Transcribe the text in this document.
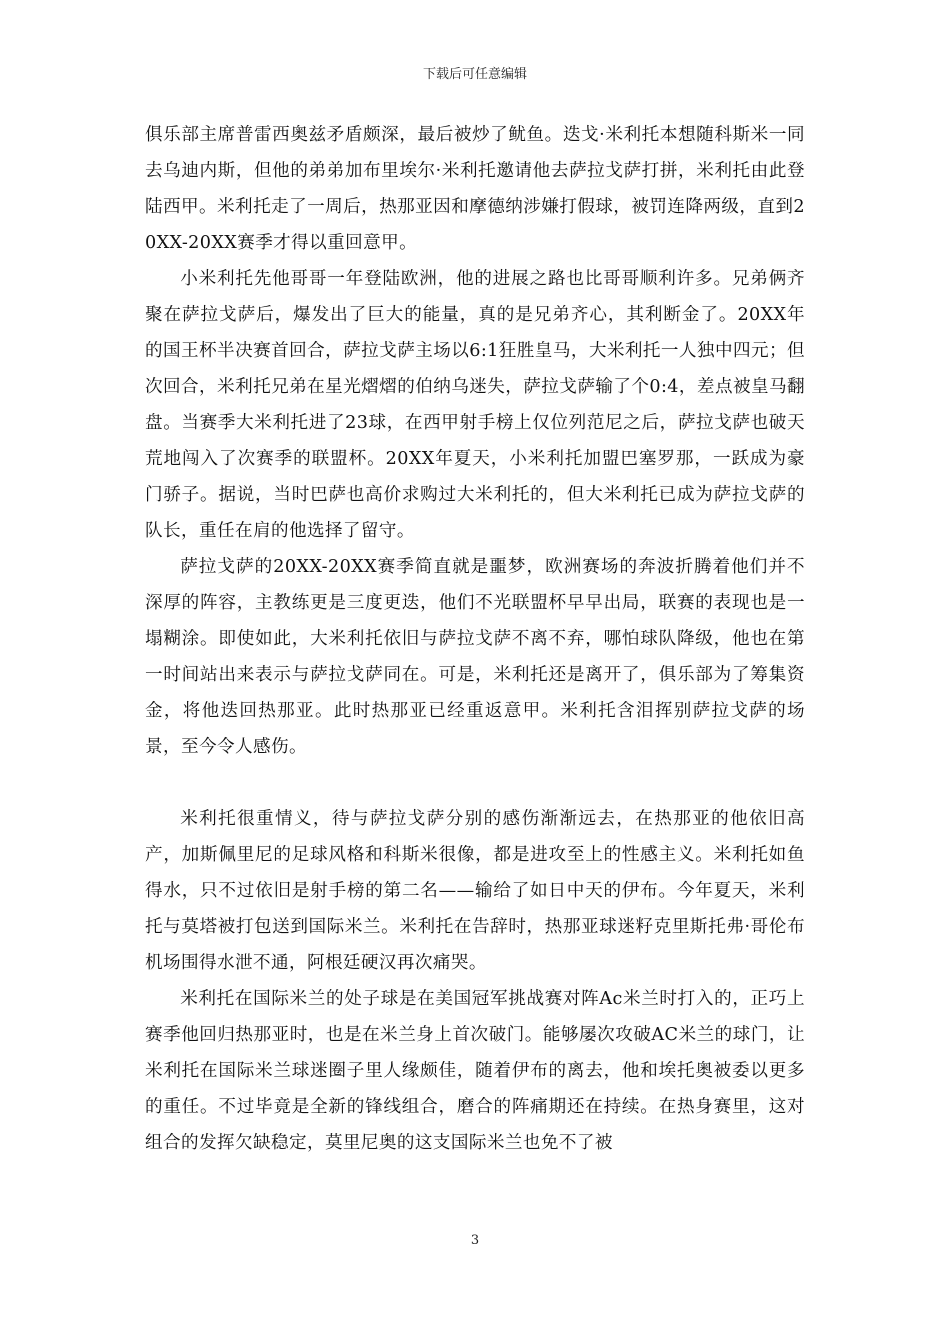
下载后可任意编辑

俱乐部主席普雷西奥兹矛盾颇深，最后被炒了鱿鱼。迭戈·米利托本想随科斯米一同去乌迪内斯，但他的弟弟加布里埃尔·米利托邀请他去萨拉戈萨打拼，米利托由此登陆西甲。米利托走了一周后，热那亚因和摩德纳涉嫌打假球，被罚连降两级，直到20XX-20XX赛季才得以重回意甲。

小米利托先他哥哥一年登陆欧洲，他的进展之路也比哥哥顺利许多。兄弟俩齐聚在萨拉戈萨后，爆发出了巨大的能量，真的是兄弟齐心，其利断金了。20XX年的国王杯半决赛首回合，萨拉戈萨主场以6:1狂胜皇马，大米利托一人独中四元；但次回合，米利托兄弟在星光熠熠的伯纳乌迷失，萨拉戈萨输了个0:4，差点被皇马翻盘。当赛季大米利托进了23球，在西甲射手榜上仅位列范尼之后，萨拉戈萨也破天荒地闯入了次赛季的联盟杯。20XX年夏天，小米利托加盟巴塞罗那，一跃成为豪门骄子。据说，当时巴萨也高价求购过大米利托的，但大米利托已成为萨拉戈萨的队长，重任在肩的他选择了留守。

萨拉戈萨的20XX-20XX赛季简直就是噩梦，欧洲赛场的奔波折腾着他们并不深厚的阵容，主教练更是三度更迭，他们不光联盟杯早早出局，联赛的表现也是一塌糊涂。即使如此，大米利托依旧与萨拉戈萨不离不弃，哪怕球队降级，他也在第一时间站出来表示与萨拉戈萨同在。可是，米利托还是离开了，俱乐部为了筹集资金，将他迭回热那亚。此时热那亚已经重返意甲。米利托含泪挥别萨拉戈萨的场景，至今令人感伤。

米利托很重情义，待与萨拉戈萨分别的感伤渐渐远去，在热那亚的他依旧高产，加斯佩里尼的足球风格和科斯米很像，都是进攻至上的性感主义。米利托如鱼得水，只不过依旧是射手榜的第二名——输给了如日中天的伊布。今年夏天，米利托与莫塔被打包送到国际米兰。米利托在告辞时，热那亚球迷籽克里斯托弗·哥伦布机场围得水泄不通，阿根廷硬汉再次痛哭。

米利托在国际米兰的处子球是在美国冠军挑战赛对阵Ac米兰时打入的，正巧上赛季他回归热那亚时，也是在米兰身上首次破门。能够屡次攻破AC米兰的球门，让米利托在国际米兰球迷圈子里人缘颇佳，随着伊布的离去，他和埃托奥被委以更多的重任。不过毕竟是全新的锋线组合，磨合的阵痛期还在持续。在热身赛里，这对组合的发挥欠缺稳定，莫里尼奥的这支国际米兰也免不了被

3
